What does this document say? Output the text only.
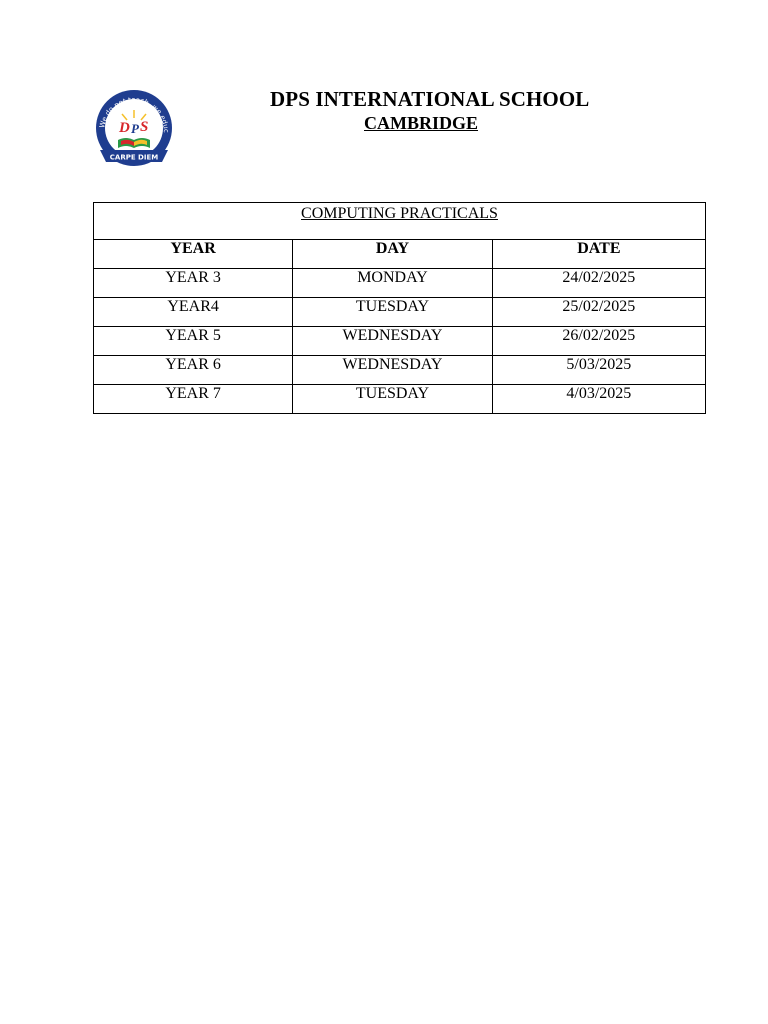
We do not teach, we educ
D P S
CARPE DIEM
DPS INTERNATIONAL SCHOOL
CAMBRIDGE
COMPUTING PRACTICALS		
YEAR	DAY	DATE
YEAR 3	MONDAY	24/02/2025
YEAR4	TUESDAY	25/02/2025
YEAR 5	WEDNESDAY	26/02/2025
YEAR 6	WEDNESDAY	5/03/2025
YEAR 7	TUESDAY	4/03/2025
